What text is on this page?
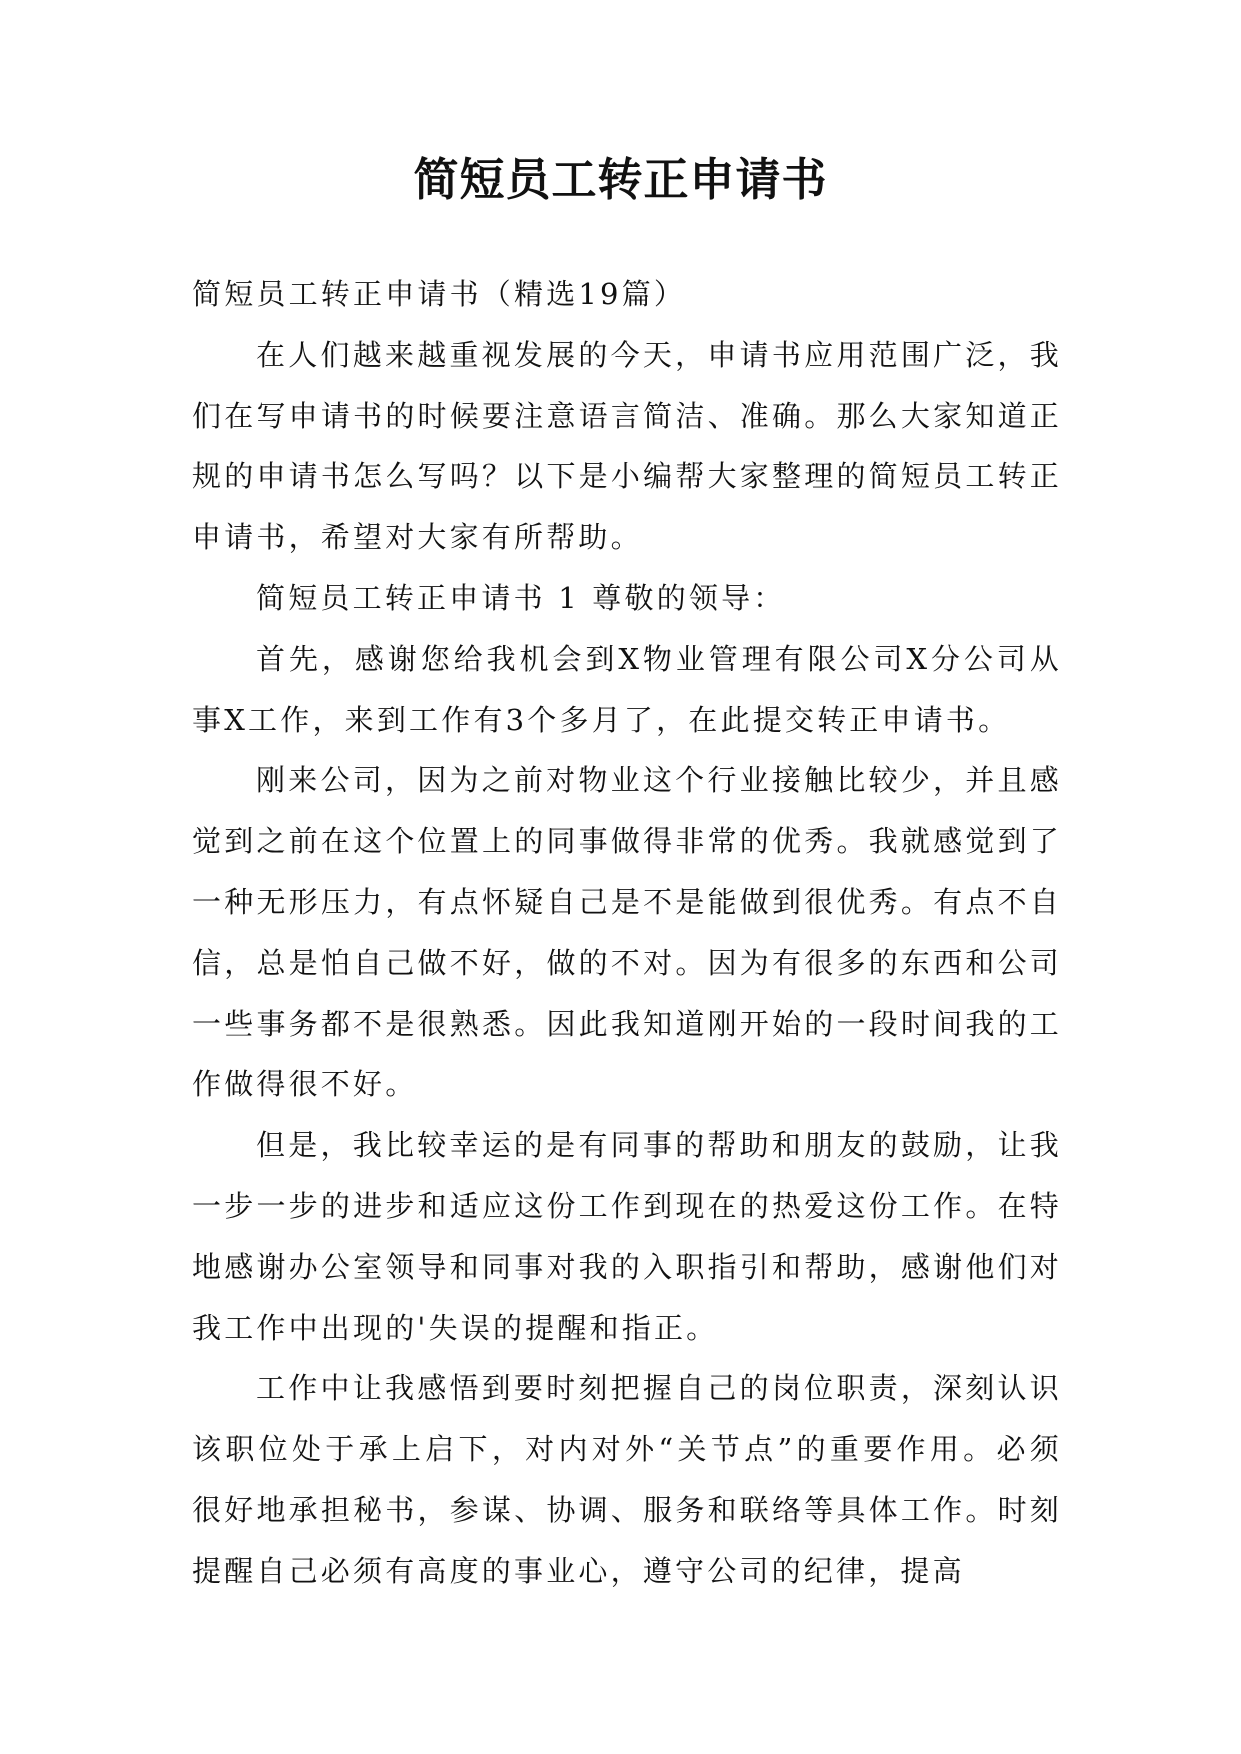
简短员工转正申请书

简短员工转正申请书（精选19篇）

在人们越来越重视发展的今天，申请书应用范围广泛，我们在写申请书的时候要注意语言简洁、准确。那么大家知道正规的申请书怎么写吗？以下是小编帮大家整理的简短员工转正申请书，希望对大家有所帮助。

简短员工转正申请书 1 尊敬的领导：

首先，感谢您给我机会到X物业管理有限公司X分公司从事X工作，来到工作有3个多月了，在此提交转正申请书。

刚来公司，因为之前对物业这个行业接触比较少，并且感觉到之前在这个位置上的同事做得非常的优秀。我就感觉到了一种无形压力，有点怀疑自己是不是能做到很优秀。有点不自信，总是怕自己做不好，做的不对。因为有很多的东西和公司一些事务都不是很熟悉。因此我知道刚开始的一段时间我的工作做得很不好。

但是，我比较幸运的是有同事的帮助和朋友的鼓励，让我一步一步的进步和适应这份工作到现在的热爱这份工作。在特地感谢办公室领导和同事对我的入职指引和帮助，感谢他们对我工作中出现的'失误的提醒和指正。

工作中让我感悟到要时刻把握自己的岗位职责，深刻认识该职位处于承上启下，对内对外“关节点”的重要作用。必须很好地承担秘书，参谋、协调、服务和联络等具体工作。时刻提醒自己必须有高度的事业心，遵守公司的纪律，提高
